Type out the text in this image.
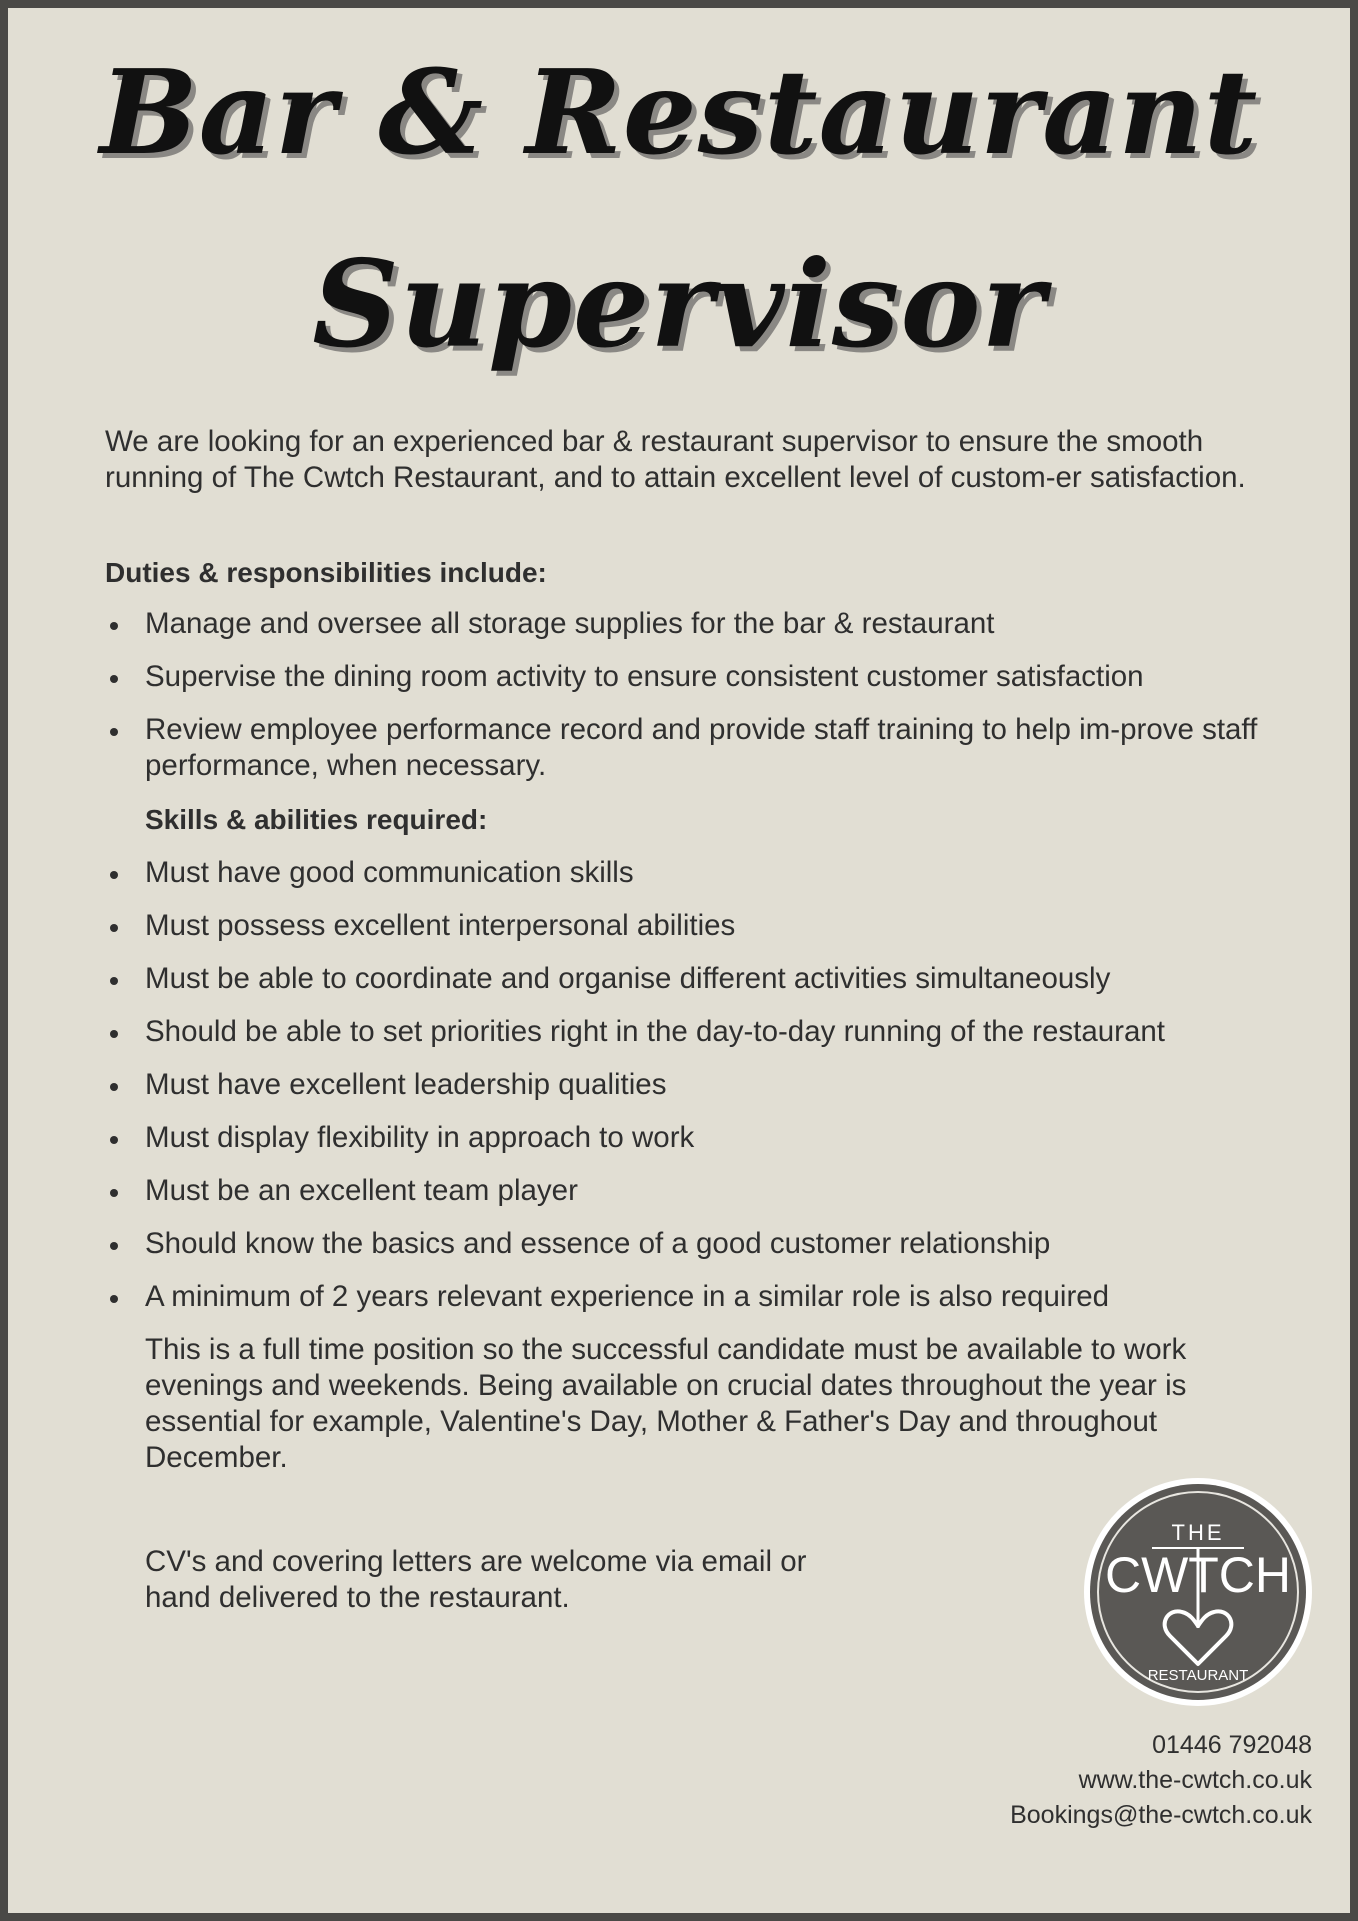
Bar & Restaurant
Supervisor

We are looking for an experienced bar & restaurant supervisor to ensure the smooth running of The Cwtch Restaurant, and to attain excellent level of custom-er satisfaction.

Duties & responsibilities include:

Manage and oversee all storage supplies for the bar & restaurant
Supervise the dining room activity to ensure consistent customer satisfaction
Review employee performance record and provide staff training to help im-prove staff performance, when necessary.

Skills & abilities required:

Must have good communication skills
Must possess excellent interpersonal abilities
Must be able to coordinate and organise different activities simultaneously
Should be able to set priorities right in the day-to-day running of the restaurant
Must have excellent leadership qualities
Must display flexibility in approach to work
Must be an excellent team player
Should know the basics and essence of a good customer relationship
A minimum of 2 years relevant experience in a similar role is also required

This is a full time position so the successful candidate must be available to work evenings and weekends. Being available on crucial dates throughout the year is essential for example, Valentine's Day, Mother & Father's Day and throughout December.

CV's and covering letters are welcome via email or hand delivered to the restaurant.

THE
CWTCH
RESTAURANT
01446 792048
www.the-cwtch.co.uk
Bookings@the-cwtch.co.uk
